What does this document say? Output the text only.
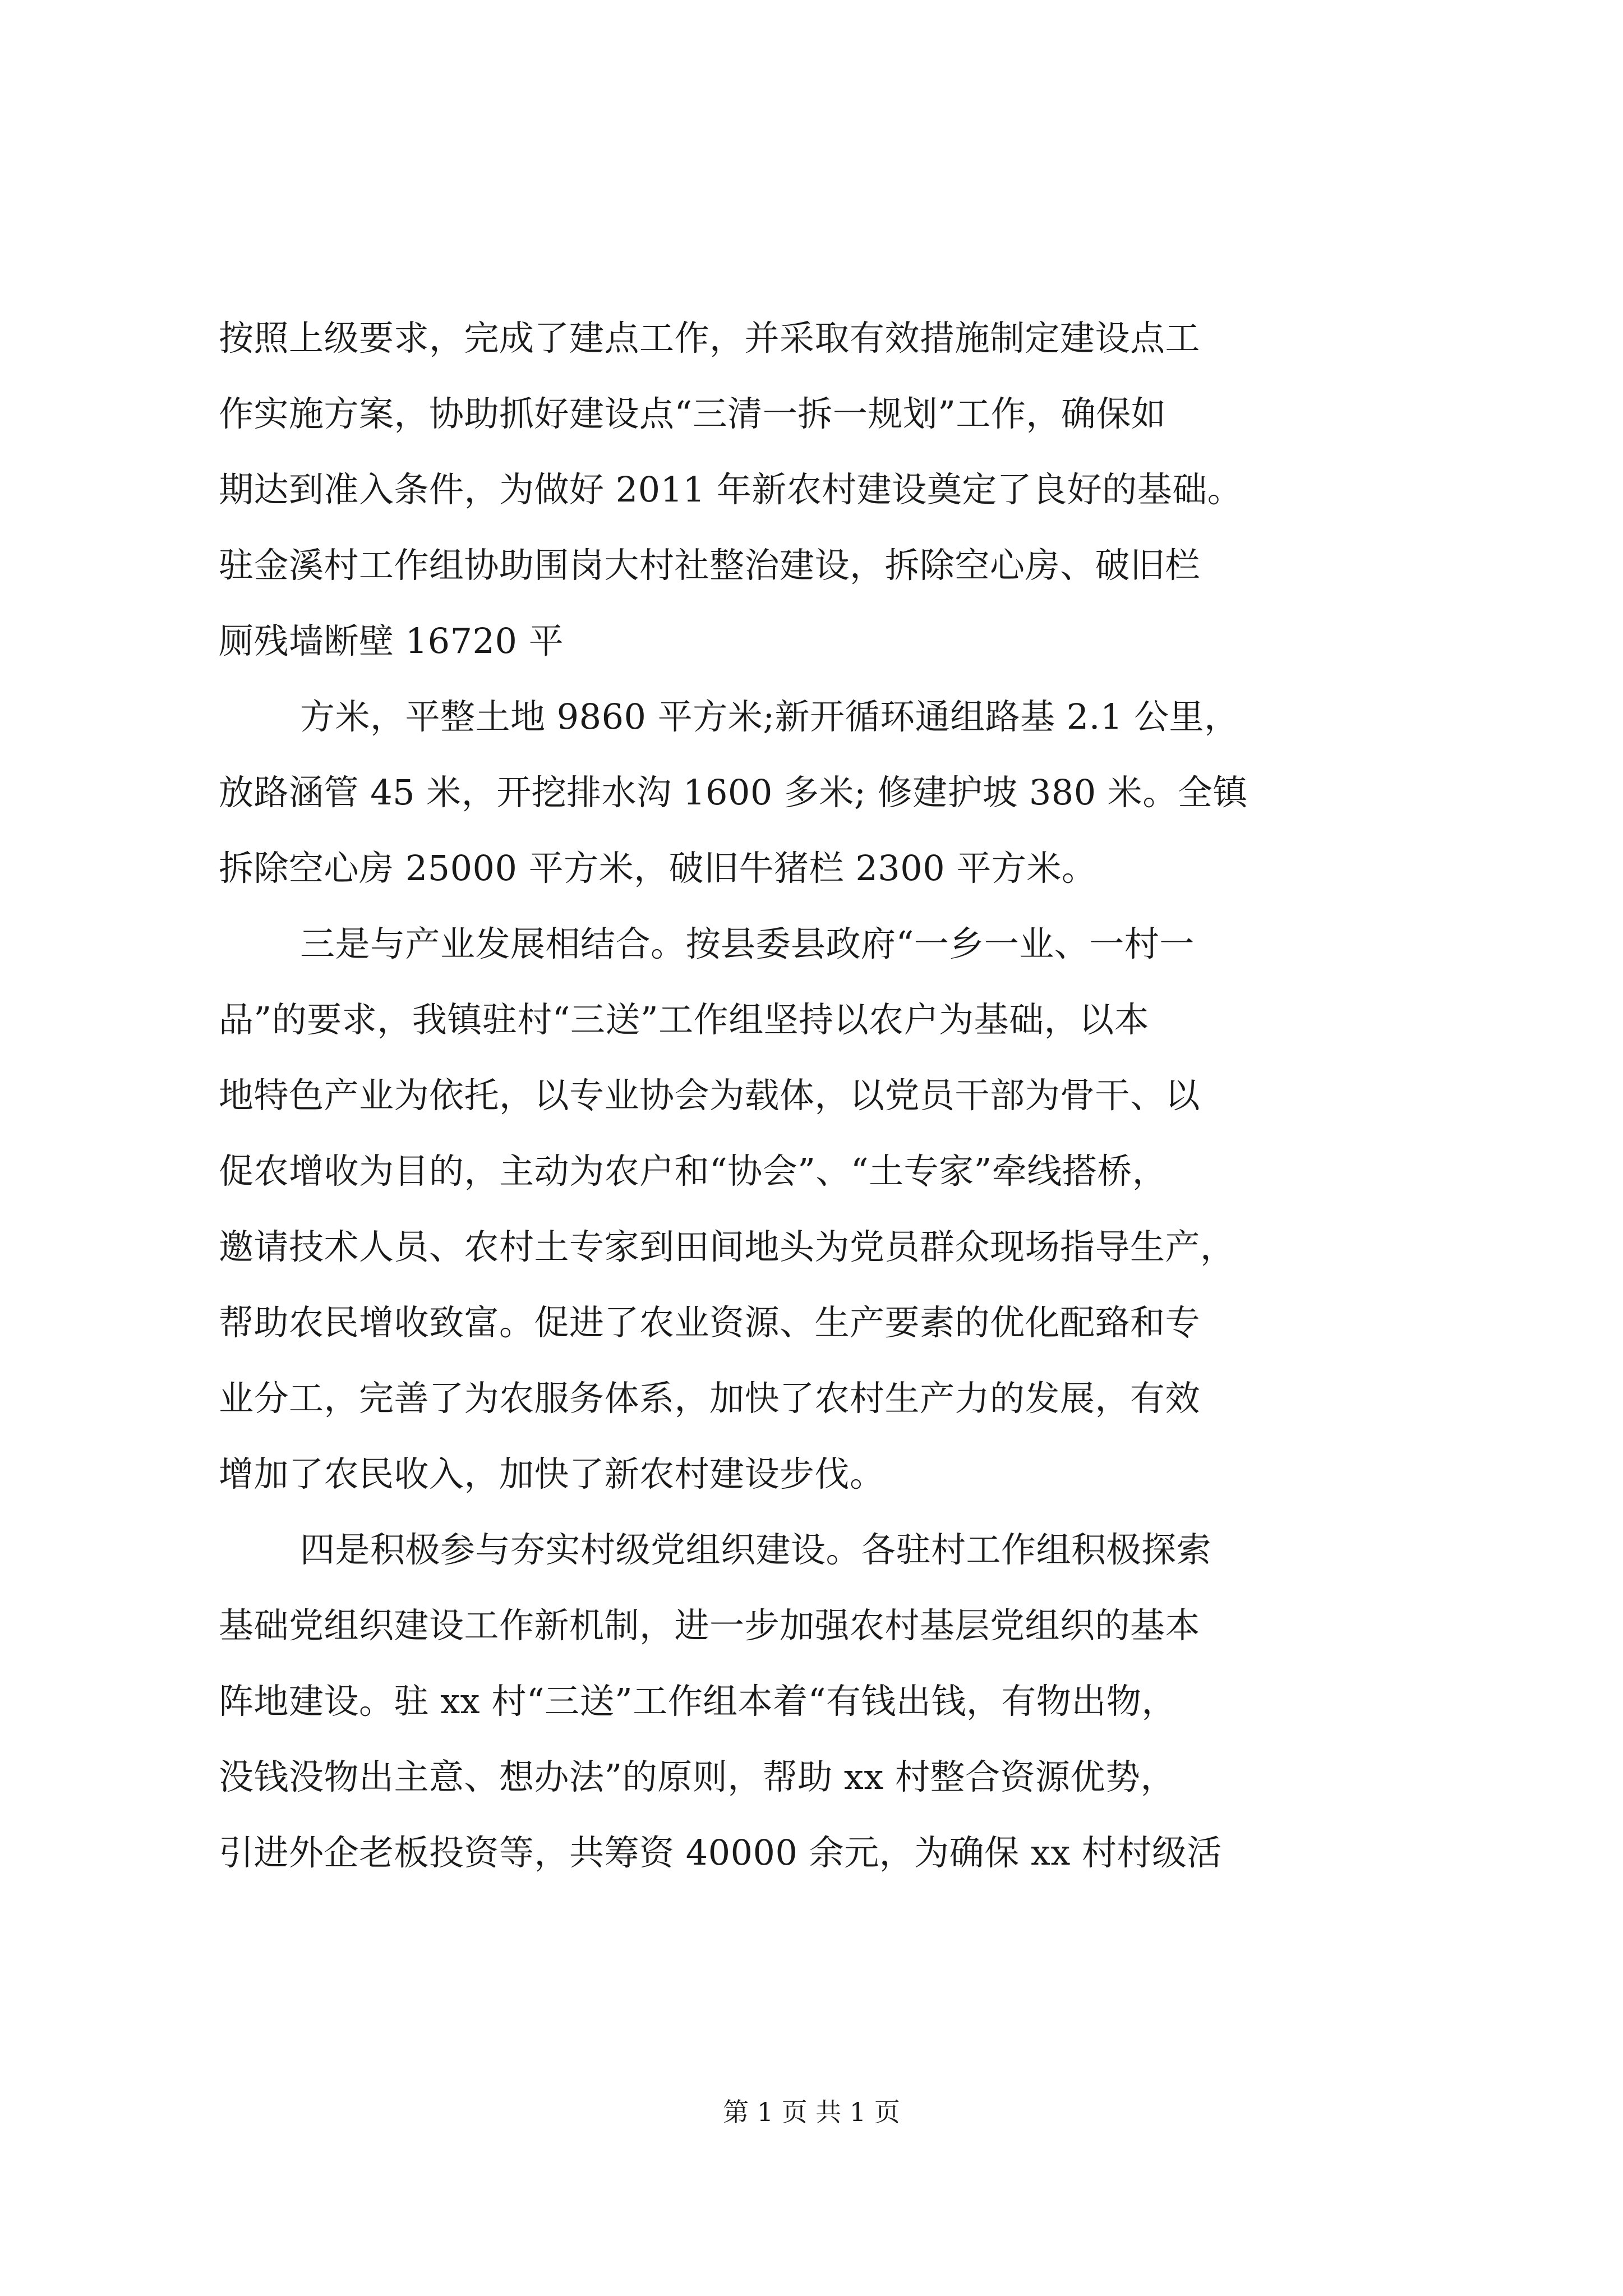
按照上级要求，完成了建点工作，并采取有效措施制定建设点工
作实施方案，协助抓好建设点“三清一拆一规划”工作，确保如
期达到准入条件，为做好 2011 年新农村建设奠定了良好的基础。
驻金溪村工作组协助围岗大村社整治建设，拆除空心房、破旧栏
厕残墙断壁 16720 平
方米，平整土地 9860 平方米;新开循环通组路基 2.1 公里，
放路涵管 45 米，开挖排水沟 1600 多米; 修建护坡 380 米。全镇
拆除空心房 25000 平方米，破旧牛猪栏 2300 平方米。
三是与产业发展相结合。按县委县政府“一乡一业、一村一
品”的要求，我镇驻村“三送”工作组坚持以农户为基础，以本
地特色产业为依托，以专业协会为载体，以党员干部为骨干、以
促农增收为目的，主动为农户和“协会”、“土专家”牵线搭桥，
邀请技术人员、农村土专家到田间地头为党员群众现场指导生产，
帮助农民增收致富。促进了农业资源、生产要素的优化配臵和专
业分工，完善了为农服务体系，加快了农村生产力的发展，有效
增加了农民收入，加快了新农村建设步伐。
四是积极参与夯实村级党组织建设。各驻村工作组积极探索
基础党组织建设工作新机制，进一步加强农村基层党组织的基本
阵地建设。驻 xx 村“三送”工作组本着“有钱出钱，有物出物，
没钱没物出主意、想办法”的原则，帮助 xx 村整合资源优势，
引进外企老板投资等，共筹资 40000 余元，为确保 xx 村村级活
第 1 页 共 1 页
